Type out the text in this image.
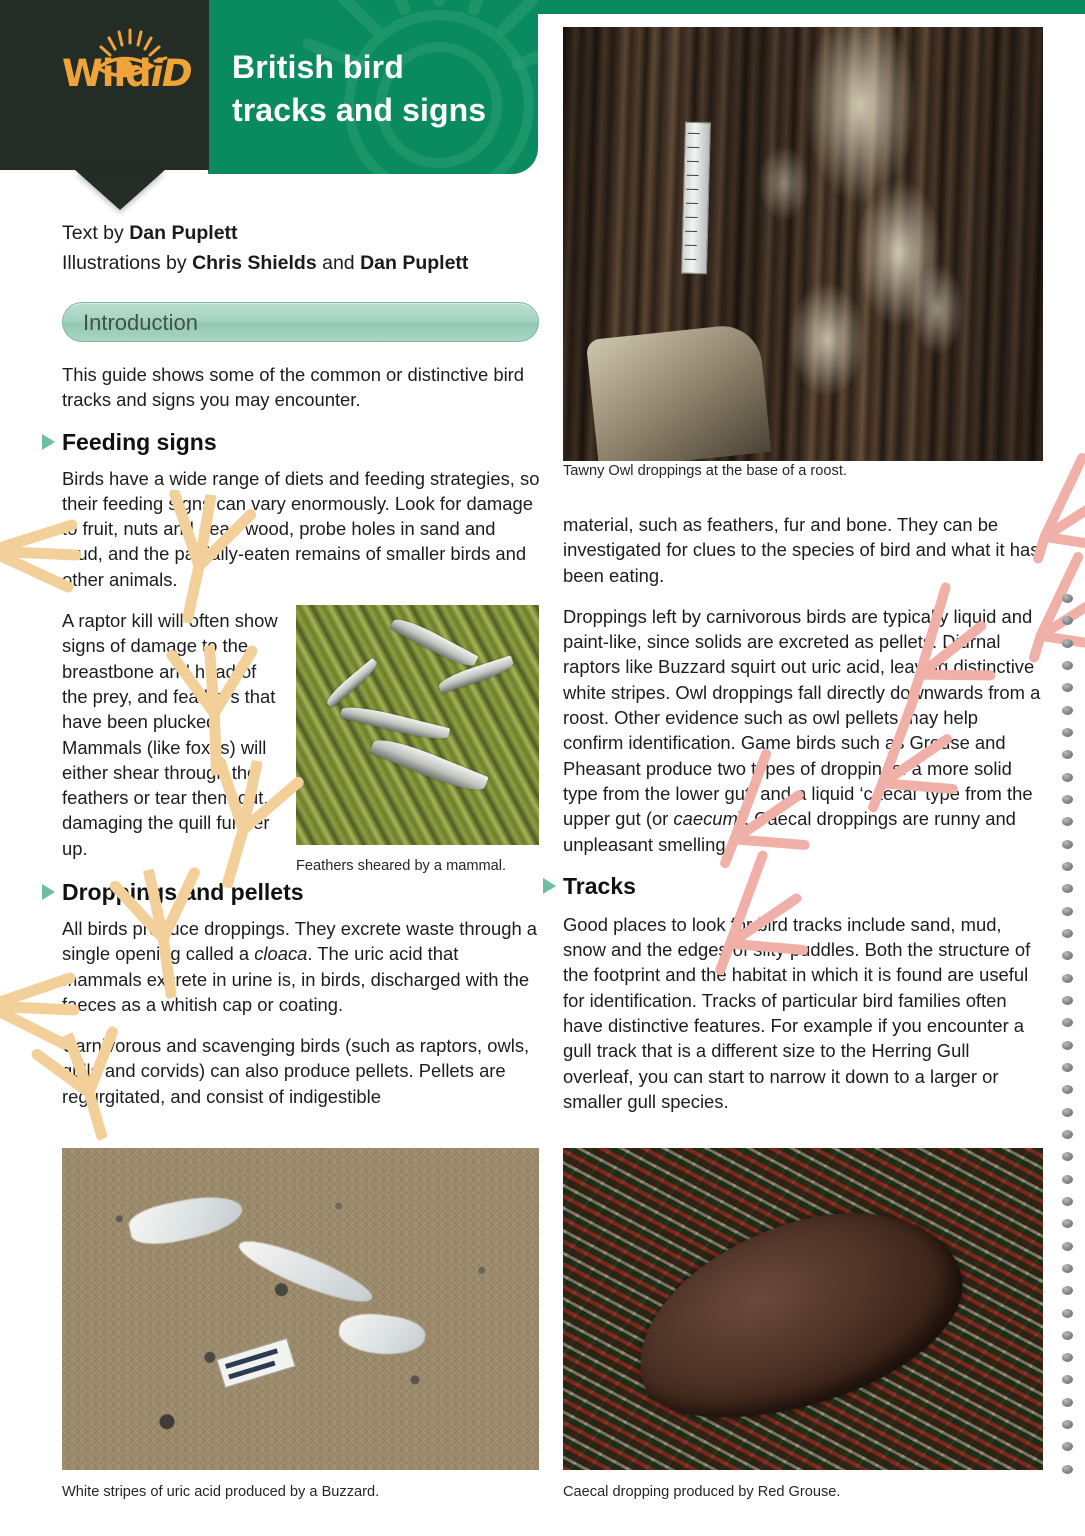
WildiD British bird
tracks and signs
Text by Dan Puplett
Illustrations by Chris Shields and Dan Puplett
Introduction

This guide shows some of the common or distinctive bird tracks and signs you may encounter.

Feeding signs

Birds have a wide range of diets and feeding strategies, so their feeding signs can vary enormously. Look for damage to fruit, nuts and dead wood, probe holes in sand and mud, and the partially-eaten remains of smaller birds and other animals.

A raptor kill will often show signs of damage to the breastbone and head of the prey, and feathers that have been plucked. Mammals (like foxes) will either shear through the feathers or tear them out, damaging the quill further up.

Droppings and pellets

All birds produce droppings. They excrete waste through a single opening called a cloaca. The uric acid that mammals excrete in urine is, in birds, discharged with the faeces as a whitish cap or coating.

Carnivorous and scavenging birds (such as raptors, owls, gulls and corvids) can also produce pellets. Pellets are regurgitated, and consist of indigestible

Tawny Owl droppings at the base of a roost.

material, such as feathers, fur and bone. They can be investigated for clues to the species of bird and what it has been eating.

Droppings left by carnivorous birds are typically liquid and paint-like, since solids are excreted as pellets. Diurnal raptors like Buzzard squirt out uric acid, leaving distinctive white stripes. Owl droppings fall directly downwards from a roost. Other evidence such as owl pellets may help confirm identification. Game birds such as Grouse and Pheasant produce two types of droppings: a more solid type from the lower gut, and a liquid ‘caecal’ type from the upper gut (or caecum). Caecal droppings are runny and unpleasant smelling.

Tracks

Good places to look for bird tracks include sand, mud, snow and the edges of silty puddles. Both the structure of the footprint and the habitat in which it is found are useful for identification. Tracks of particular bird families often have distinctive features. For example if you encounter a gull track that is a different size to the Herring Gull overleaf, you can start to narrow it down to a larger or smaller gull species.

Feathers sheared by a mammal.
White stripes of uric acid produced by a Buzzard.	Caecal dropping produced by Red Grouse.
